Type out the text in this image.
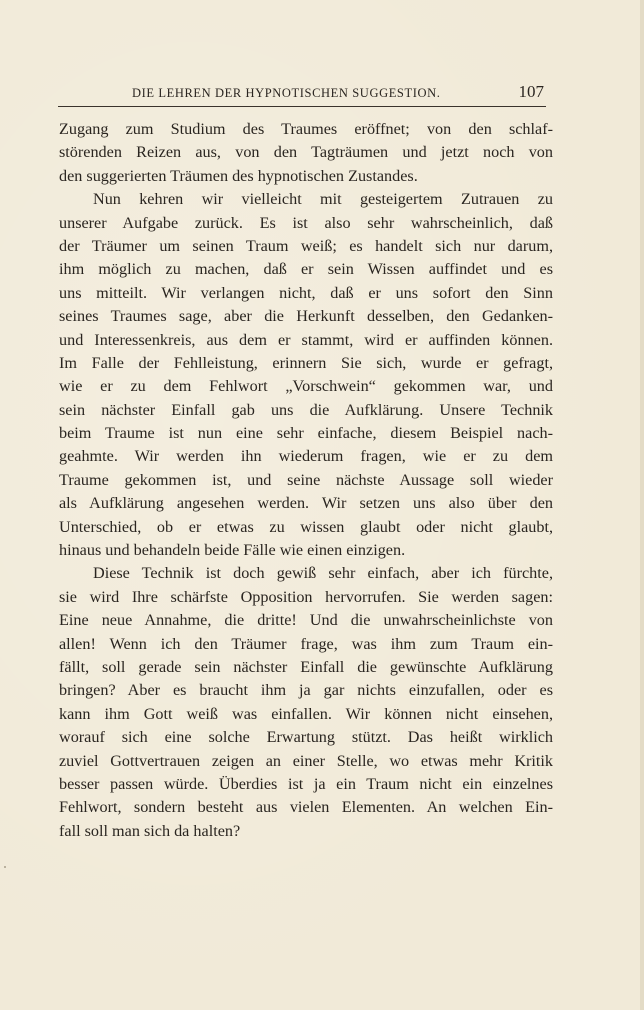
DIE LEHREN DER HYPNOTISCHEN SUGGESTION.	107
Zugang zum Studium des Traumes eröffnet; von den schlaf-
störenden Reizen aus, von den Tagträumen und jetzt noch von
den suggerierten Träumen des hypnotischen Zustandes.
Nun kehren wir vielleicht mit gesteigertem Zutrauen zu
unserer Aufgabe zurück. Es ist also sehr wahrscheinlich, daß
der Träumer um seinen Traum weiß; es handelt sich nur darum,
ihm möglich zu machen, daß er sein Wissen auffindet und es
uns mitteilt. Wir verlangen nicht, daß er uns sofort den Sinn
seines Traumes sage, aber die Herkunft desselben, den Gedanken-
und Interessenkreis, aus dem er stammt, wird er auffinden können.
Im Falle der Fehlleistung, erinnern Sie sich, wurde er gefragt,
wie er zu dem Fehlwort „Vorschwein“ gekommen war, und
sein nächster Einfall gab uns die Aufklärung. Unsere Technik
beim Traume ist nun eine sehr einfache, diesem Beispiel nach-
geahmte. Wir werden ihn wiederum fragen, wie er zu dem
Traume gekommen ist, und seine nächste Aussage soll wieder
als Aufklärung angesehen werden. Wir setzen uns also über den
Unterschied, ob er etwas zu wissen glaubt oder nicht glaubt,
hinaus und behandeln beide Fälle wie einen einzigen.
Diese Technik ist doch gewiß sehr einfach, aber ich fürchte,
sie wird Ihre schärfste Opposition hervorrufen. Sie werden sagen:
Eine neue Annahme, die dritte! Und die unwahrscheinlichste von
allen! Wenn ich den Träumer frage, was ihm zum Traum ein-
fällt, soll gerade sein nächster Einfall die gewünschte Aufklärung
bringen? Aber es braucht ihm ja gar nichts einzufallen, oder es
kann ihm Gott weiß was einfallen. Wir können nicht einsehen,
worauf sich eine solche Erwartung stützt. Das heißt wirklich
zuviel Gottvertrauen zeigen an einer Stelle, wo etwas mehr Kritik
besser passen würde. Überdies ist ja ein Traum nicht ein einzelnes
Fehlwort, sondern besteht aus vielen Elementen. An welchen Ein-
fall soll man sich da halten?
